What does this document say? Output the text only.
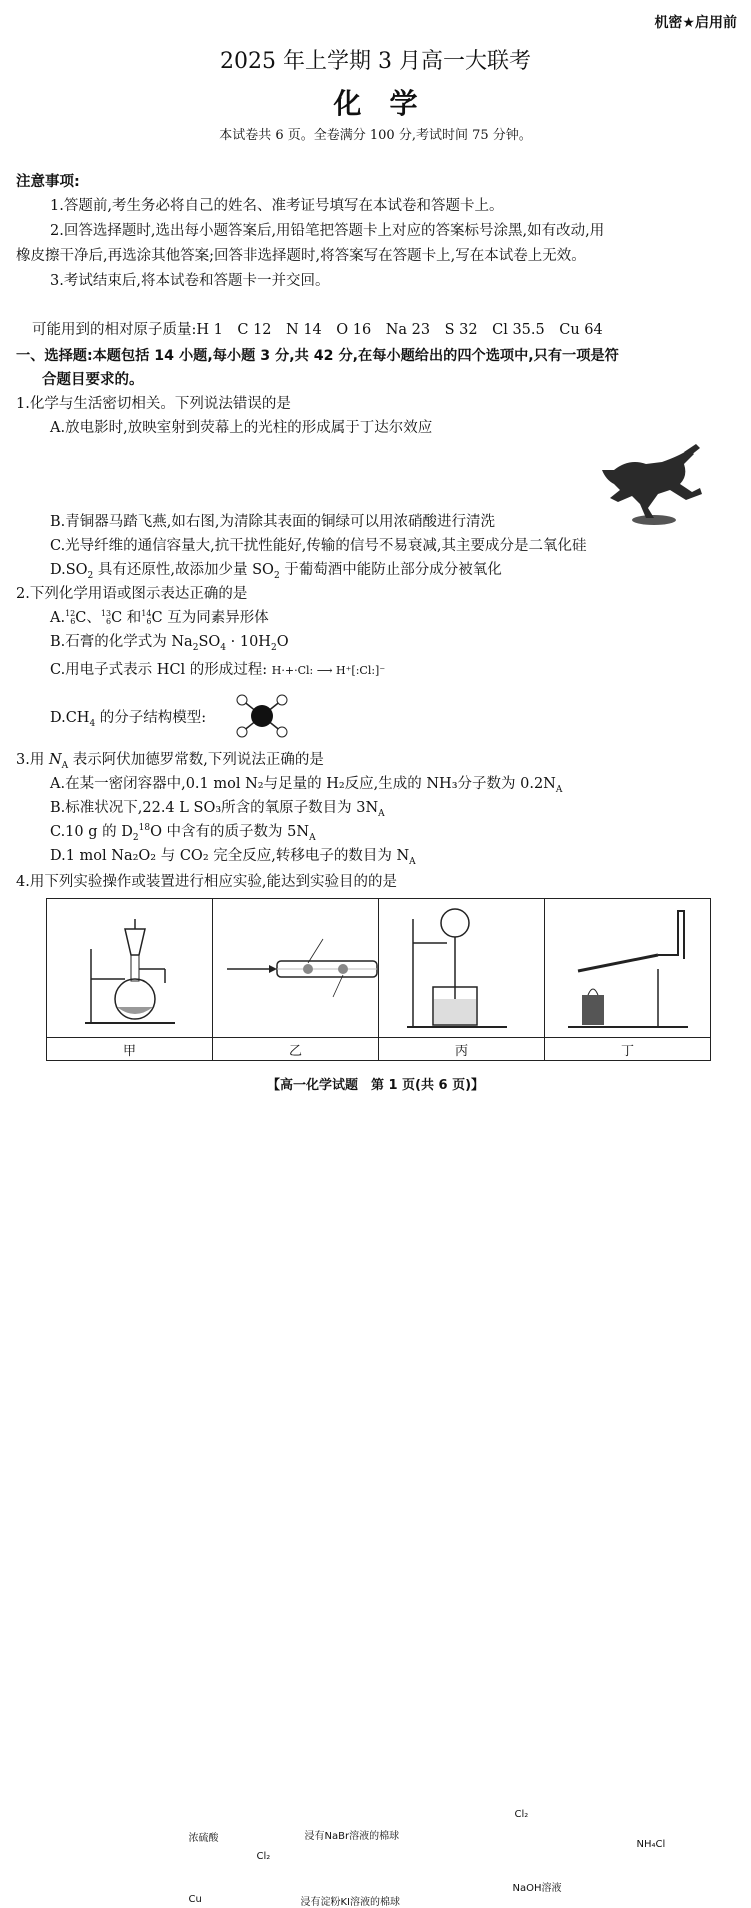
机密★启用前
2025 年上学期 3 月高一大联考
化　学
本试卷共 6 页。全卷满分 100 分,考试时间 75 分钟。
注意事项:
1.答题前,考生务必将自己的姓名、准考证号填写在本试卷和答题卡上。
2.回答选择题时,选出每小题答案后,用铅笔把答题卡上对应的答案标号涂黑,如有改动,用
橡皮擦干净后,再选涂其他答案;回答非选择题时,将答案写在答题卡上,写在本试卷上无效。
3.考试结束后,将本试卷和答题卡一并交回。
可能用到的相对原子质量:H 1　C 12　N 14　O 16　Na 23　S 32　Cl 35.5　Cu 64
一、选择题:本题包括 14 小题,每小题 3 分,共 42 分,在每小题给出的四个选项中,只有一项是符
合题目要求的。
1.化学与生活密切相关。下列说法错误的是
A.放电影时,放映室射到荧幕上的光柱的形成属于丁达尔效应
B.青铜器马踏飞燕,如右图,为清除其表面的铜绿可以用浓硝酸进行清洗
C.光导纤维的通信容量大,抗干扰性能好,传输的信号不易衰减,其主要成分是二氧化硅
$D.SO_2$ 具有还原性,故添加少量 $SO_2$ 于葡萄酒中能防止部分成分被氧化
2.下列化学用语或图示表达正确的是
A. 12
6 C、 13
6 C 和 14
6 C 互为同素异形体
B.石膏的化学式为 $Na_2SO_4 \cdot 10H_2O$
C.用电子式表示 HCl 的形成过程: H·+·Cl: ⟶ H⁺[:Cl:]⁻
$D.CH_4$ 的分子结构模型:
3.用 $N_A$ 表示阿伏加德罗常数,下列说法正确的是
A.在某一密闭容器中,0.1 mol N₂与足量的 H₂反应,生成的 NH₃分子数为 $0.2N_A$
B.标准状况下,22.4 L SO₃所含的氧原子数目为 $3N_A$
C.10 g 的 $D_2^{18}O$ 中含有的质子数为 $5N_A$
D.1 mol Na₂O₂ 与 CO₂ 完全反应,转移电子的数目为 $N_A$
4.用下列实验操作或装置进行相应实验,能达到实验目的的是
浓硫酸
Cu	浸有NaBr溶液的棉球
Cl₂
浸有淀粉KI溶液的棉球	Cl₂
NaOH溶液	NH₄Cl

甲	乙	丙	丁
【高一化学试题　第 1 页(共 6 页)】
